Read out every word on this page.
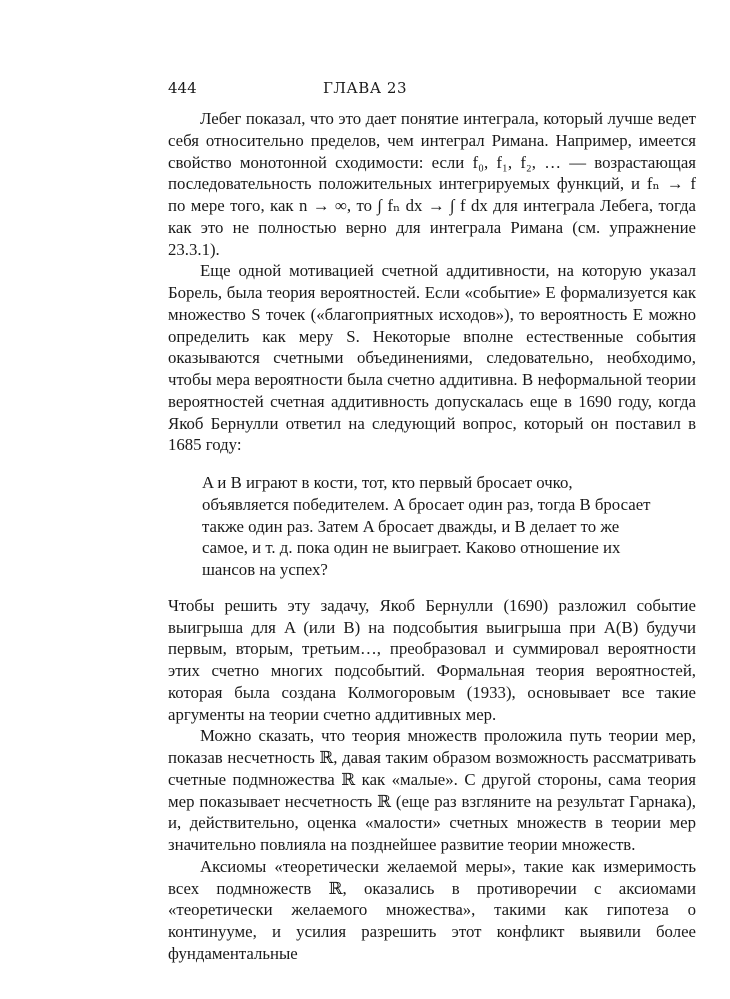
444	ГЛАВА 23

Лебег показал, что это дает понятие интеграла, который лучше ведет себя относительно пределов, чем интеграл Римана. Например, имеется свойство монотонной сходимости: если f₀, f₁, f₂, … — возрастающая последовательность положительных интегрируемых функций, и fₙ → f по мере того, как n → ∞, то ∫ fₙ dx → ∫ f dx для интеграла Лебега, тогда как это не полностью верно для интеграла Римана (см. упражнение 23.3.1).

Еще одной мотивацией счетной аддитивности, на которую указал Борель, была теория вероятностей. Если «событие» E формализуется как множество S точек («благоприятных исходов»), то вероятность E можно определить как меру S. Некоторые вполне естественные события оказываются счетными объединениями, следовательно, необходимо, чтобы мера вероятности была счетно аддитивна. В неформальной теории вероятностей счетная аддитивность допускалась еще в 1690 году, когда Якоб Бернулли ответил на следующий вопрос, который он поставил в 1685 году:

A и B играют в кости, тот, кто первый бросает очко, объявляется победителем. A бросает один раз, тогда B бросает также один раз. Затем A бросает дважды, и B делает то же самое, и т. д. пока один не выиграет. Каково отношение их шансов на успех?

Чтобы решить эту задачу, Якоб Бернулли (1690) разложил событие выигрыша для A (или B) на подсобытия выигрыша при A(B) будучи первым, вторым, третьим…, преобразовал и суммировал вероятности этих счетно многих подсобытий. Формальная теория вероятностей, которая была создана Колмогоровым (1933), основывает все такие аргументы на теории счетно аддитивных мер.

Можно сказать, что теория множеств проложила путь теории мер, показав несчетность ℝ, давая таким образом возможность рассматривать счетные подмножества ℝ как «малые». С другой стороны, сама теория мер показывает несчетность ℝ (еще раз взгляните на результат Гарнака), и, действительно, оценка «малости» счетных множеств в теории мер значительно повлияла на позднейшее развитие теории множеств.

Аксиомы «теоретически желаемой меры», такие как измеримость всех подмножеств ℝ, оказались в противоречии с аксиомами «теоретически желаемого множества», такими как гипотеза о континууме, и усилия разрешить этот конфликт выявили более фундаментальные
